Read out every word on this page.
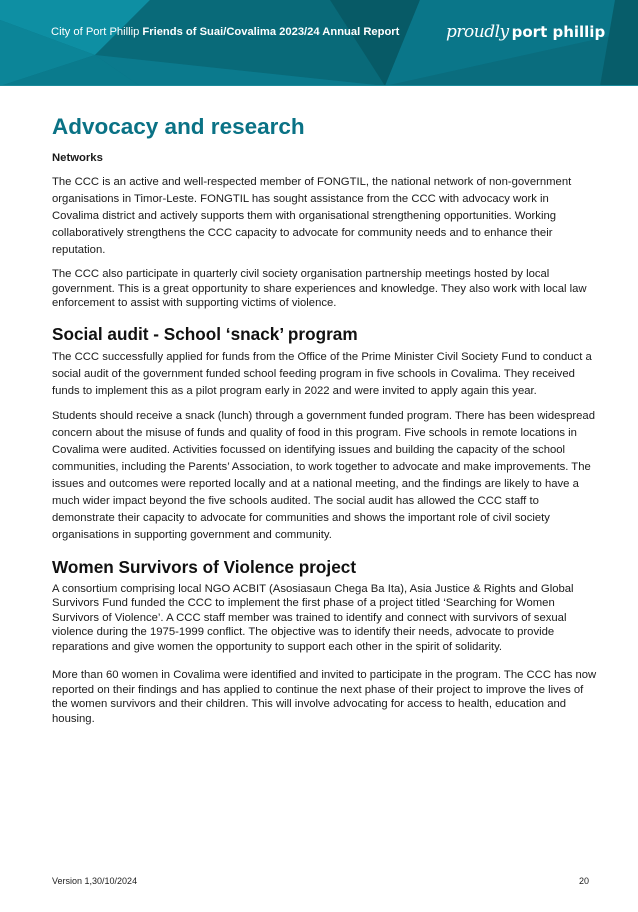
City of Port Phillip Friends of Suai/Covalima 2023/24 Annual Report	proudly port phillip
Advocacy and research
Networks

The CCC is an active and well-respected member of FONGTIL, the national network of non-government organisations in Timor-Leste. FONGTIL has sought assistance from the CCC with advocacy work in Covalima district and actively supports them with organisational strengthening opportunities. Working collaboratively strengthens the CCC capacity to advocate for community needs and to enhance their reputation.

The CCC also participate in quarterly civil society organisation partnership meetings hosted by local government. This is a great opportunity to share experiences and knowledge. They also work with local law enforcement to assist with supporting victims of violence.

Social audit - School ‘snack’ program

The CCC successfully applied for funds from the Office of the Prime Minister Civil Society Fund to conduct a social audit of the government funded school feeding program in five schools in Covalima. They received funds to implement this as a pilot program early in 2022 and were invited to apply again this year.

Students should receive a snack (lunch) through a government funded program. There has been widespread concern about the misuse of funds and quality of food in this program. Five schools in remote locations in Covalima were audited. Activities focussed on identifying issues and building the capacity of the school communities, including the Parents’ Association, to work together to advocate and make improvements. The issues and outcomes were reported locally and at a national meeting, and the findings are likely to have a much wider impact beyond the five schools audited. The social audit has allowed the CCC staff to demonstrate their capacity to advocate for communities and shows the important role of civil society organisations in supporting government and community.

Women Survivors of Violence project

A consortium comprising local NGO ACBIT (Asosiasaun Chega Ba Ita), Asia Justice & Rights and Global Survivors Fund funded the CCC to implement the first phase of a project titled ‘Searching for Women Survivors of Violence’. A CCC staff member was trained to identify and connect with survivors of sexual violence during the 1975-1999 conflict. The objective was to identify their needs, advocate to provide reparations and give women the opportunity to support each other in the spirit of solidarity.

More than 60 women in Covalima were identified and invited to participate in the program. The CCC has now reported on their findings and has applied to continue the next phase of their project to improve the lives of the women survivors and their children. This will involve advocating for access to health, education and housing.

Version 1,30/10/2024	20
